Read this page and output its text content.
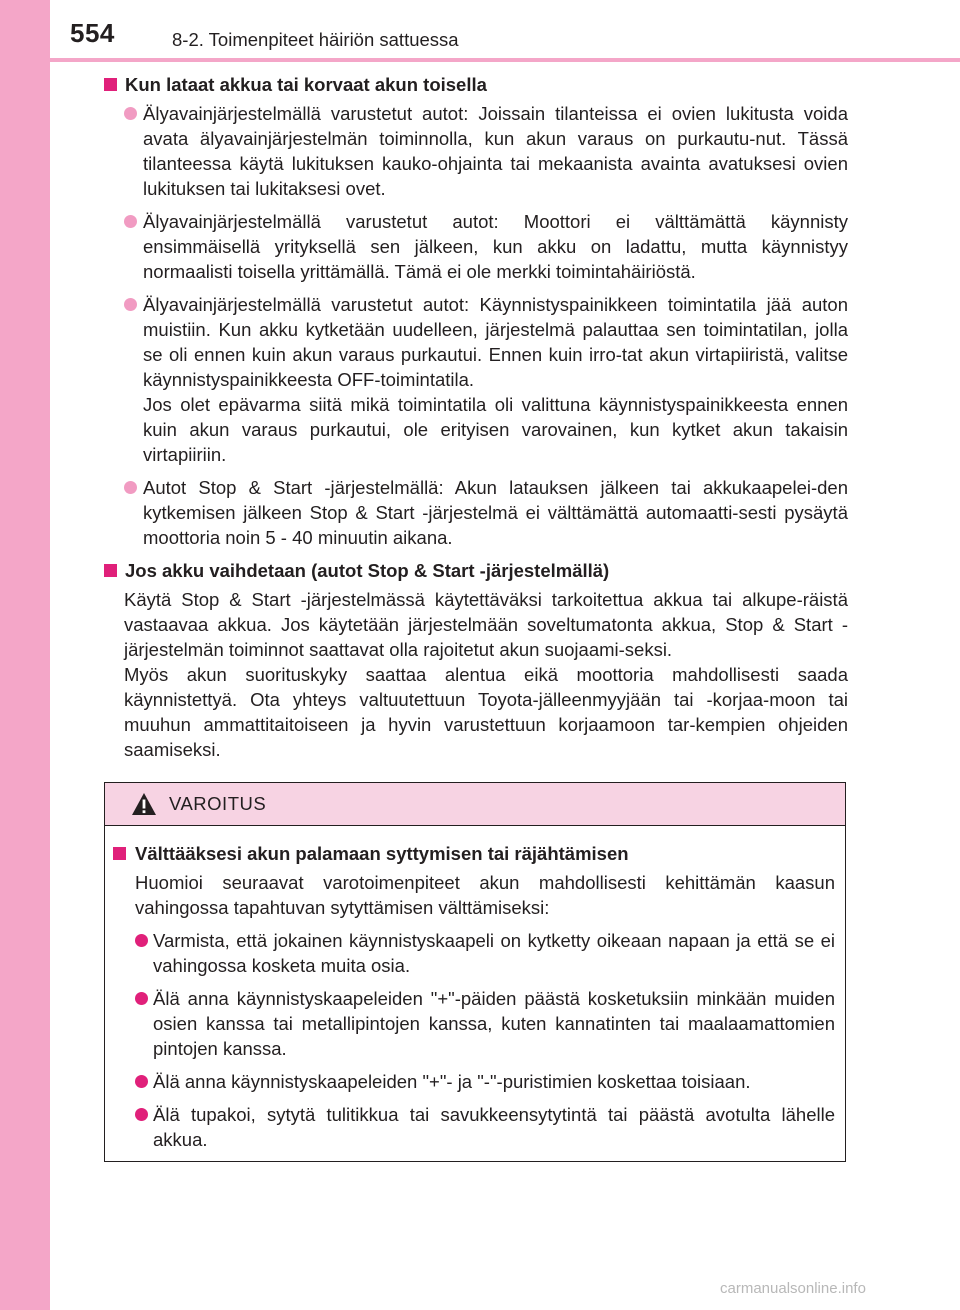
554	8-2. Toimenpiteet häiriön sattuessa
Kun lataat akkua tai korvaat akun toisella
Älyavainjärjestelmällä varustetut autot: Joissain tilanteissa ei ovien lukitusta voida avata älyavainjärjestelmän toiminnolla, kun akun varaus on purkautu-nut. Tässä tilanteessa käytä lukituksen kauko-ohjainta tai mekaanista avainta avatuksesi ovien lukituksen tai lukitaksesi ovet.
Älyavainjärjestelmällä varustetut autot: Moottori ei välttämättä käynnisty ensimmäisellä yrityksellä sen jälkeen, kun akku on ladattu, mutta käynnistyy normaalisti toisella yrittämällä. Tämä ei ole merkki toimintahäiriöstä.
Älyavainjärjestelmällä varustetut autot: Käynnistyspainikkeen toimintatila jää auton muistiin. Kun akku kytketään uudelleen, järjestelmä palauttaa sen toimintatilan, jolla se oli ennen kuin akun varaus purkautui. Ennen kuin irro-tat akun virtapiiristä, valitse käynnistyspainikkeesta OFF-toimintatila.
Jos olet epävarma siitä mikä toimintatila oli valittuna käynnistyspainikkeesta ennen kuin akun varaus purkautui, ole erityisen varovainen, kun kytket akun takaisin virtapiiriin.
Autot Stop & Start -järjestelmällä: Akun latauksen jälkeen tai akkukaapelei-den kytkemisen jälkeen Stop & Start -järjestelmä ei välttämättä automaatti-sesti pysäytä moottoria noin 5 - 40 minuutin aikana.
Jos akku vaihdetaan (autot Stop & Start -järjestelmällä)
Käytä Stop & Start -järjestelmässä käytettäväksi tarkoitettua akkua tai alkupe-räistä vastaavaa akkua. Jos käytetään järjestelmään soveltumatonta akkua, Stop & Start -järjestelmän toiminnot saattavat olla rajoitetut akun suojaami-seksi.
Myös akun suorituskyky saattaa alentua eikä moottoria mahdollisesti saada käynnistettyä. Ota yhteys valtuutettuun Toyota-jälleenmyyjään tai -korjaa-moon tai muuhun ammattitaitoiseen ja hyvin varustettuun korjaamoon tar-kempien ohjeiden saamiseksi.
VAROITUS
Välttääksesi akun palamaan syttymisen tai räjähtämisen
Huomioi seuraavat varotoimenpiteet akun mahdollisesti kehittämän kaasun vahingossa tapahtuvan sytyttämisen välttämiseksi:
Varmista, että jokainen käynnistyskaapeli on kytketty oikeaan napaan ja että se ei vahingossa kosketa muita osia.
Älä anna käynnistyskaapeleiden "+"-päiden päästä kosketuksiin minkään muiden osien kanssa tai metallipintojen kanssa, kuten kannatinten tai maalaamattomien pintojen kanssa.
Älä anna käynnistyskaapeleiden "+"- ja "-"-puristimien koskettaa toisiaan.
Älä tupakoi, sytytä tulitikkua tai savukkeensytytintä tai päästä avotulta lähelle akkua.
carmanualsonline.info
